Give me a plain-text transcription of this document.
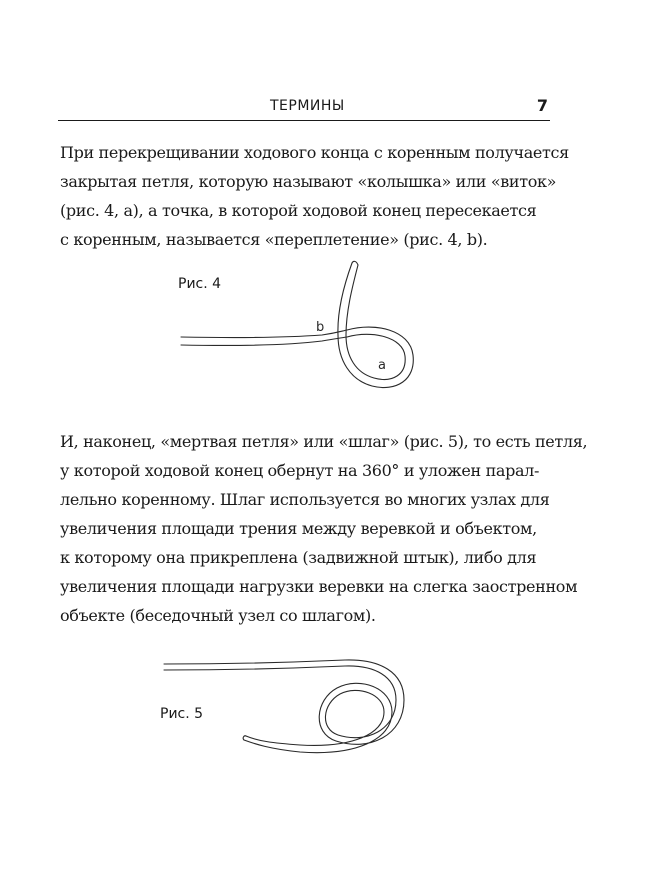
ТЕРМИНЫ	7

При перекрещивании ходового конца с коренным получается
закрытая петля, которую называют «колышка» или «виток»
(рис. 4, a), а точка, в которой ходовой конец пересекается
с коренным, называется «переплетение» (рис. 4, b).

Рис. 4
b
a

И, наконец, «мертвая петля» или «шлаг» (рис. 5), то есть петля,
у которой ходовой конец обернут на 360° и уложен парал-
лельно коренному. Шлаг используется во многих узлах для
увеличения площади трения между веревкой и объектом,
к которому она прикреплена (задвижной штык), либо для
увеличения площади нагрузки веревки на слегка заостренном
объекте (беседочный узел со шлагом).

Рис. 5
